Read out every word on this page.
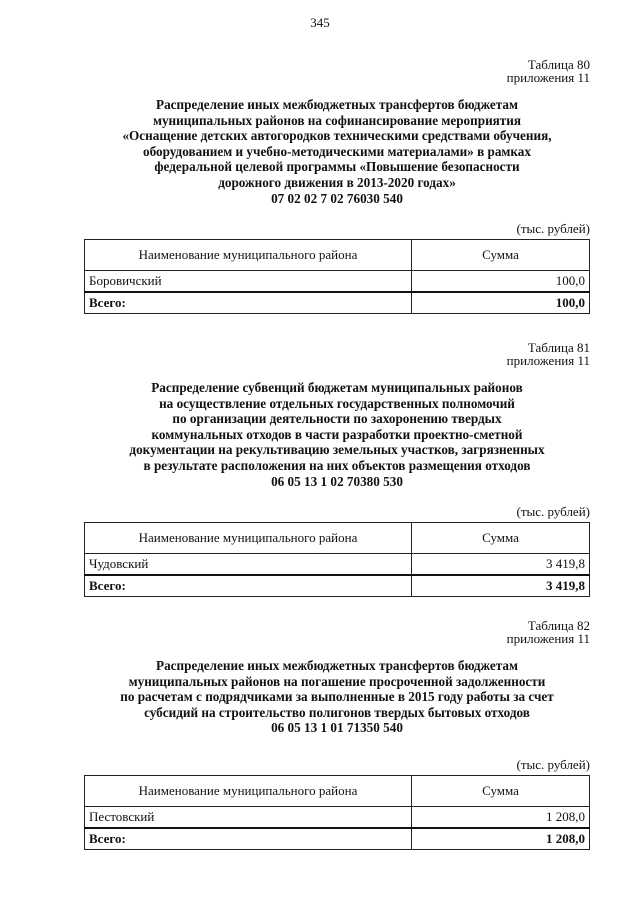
345
Таблица 80
приложения 11
Распределение иных межбюджетных трансфертов бюджетам
муниципальных районов на софинансирование мероприятия
«Оснащение детских автогородков техническими средствами обучения,
оборудованием и учебно-методическими материалами» в рамках
федеральной целевой программы «Повышение безопасности
дорожного движения в 2013-2020 годах»
07 02 02 7 02 76030 540
(тыс. рублей)
Наименование муниципального района	Сумма
Боровичский	100,0
Всего:	100,0
Таблица 81
приложения 11
Распределение субвенций бюджетам муниципальных районов
на осуществление отдельных государственных полномочий
по организации деятельности по захоронению твердых
коммунальных отходов в части разработки проектно-сметной
документации на рекультивацию земельных участков, загрязненных
в результате расположения на них объектов размещения отходов
06 05 13 1 02 70380 530
(тыс. рублей)
Наименование муниципального района	Сумма
Чудовский	3 419,8
Всего:	3 419,8
Таблица 82
приложения 11
Распределение иных межбюджетных трансфертов бюджетам
муниципальных районов на погашение просроченной задолженности
по расчетам с подрядчиками за выполненные в 2015 году работы за счет
субсидий на строительство полигонов твердых бытовых отходов
06 05 13 1 01 71350 540
(тыс. рублей)
Наименование муниципального района	Сумма
Пестовский	1 208,0
Всего:	1 208,0
